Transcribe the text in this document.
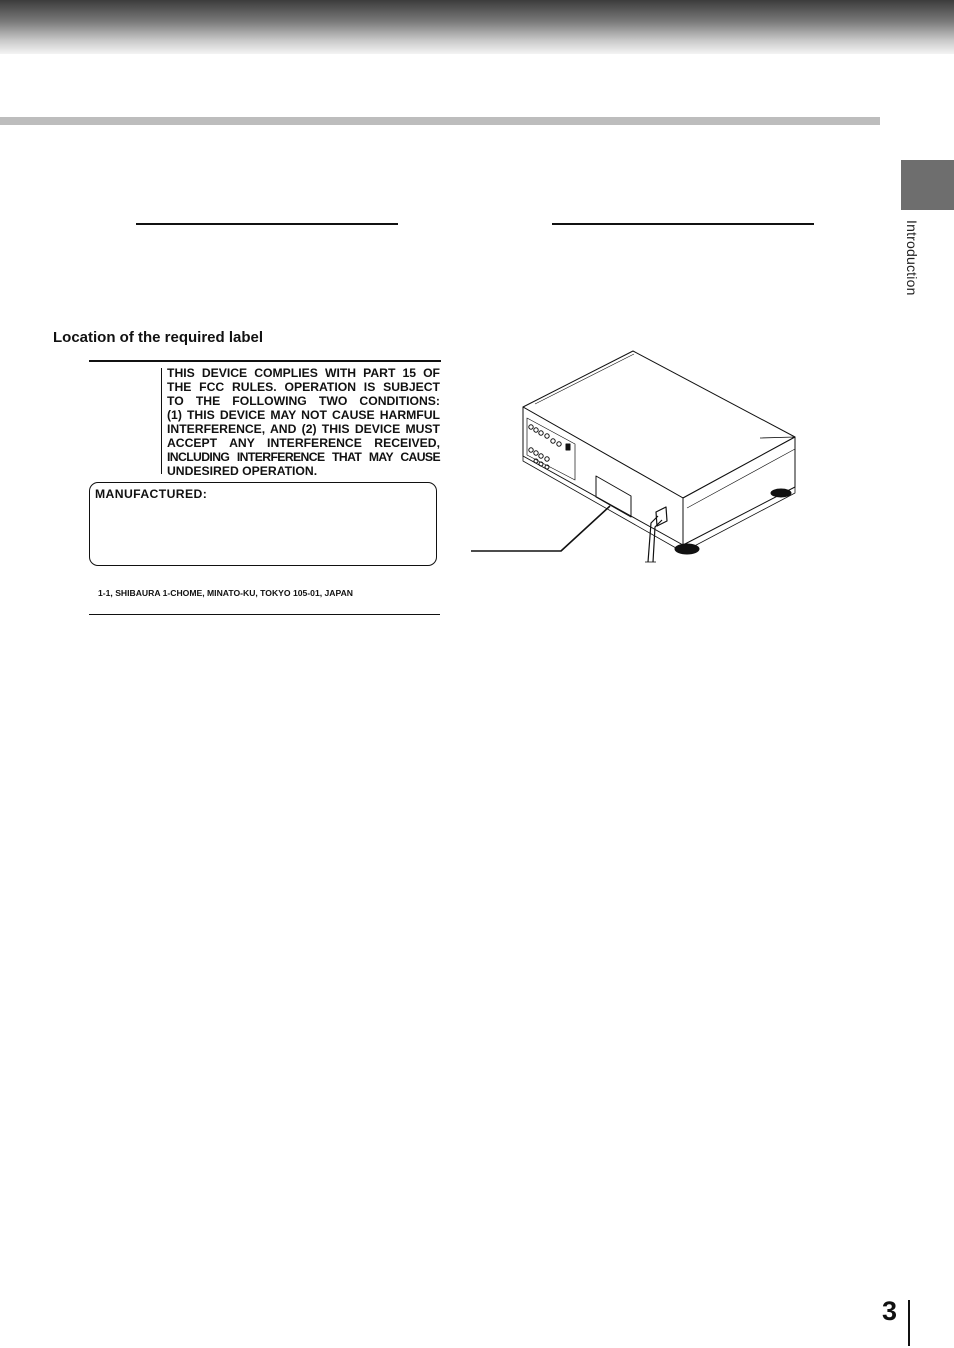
Introduction
Location of the required label
THIS DEVICE COMPLIES WITH PART 15 OF
THE FCC RULES. OPERATION IS SUBJECT
TO THE FOLLOWING TWO CONDITIONS:
(1) THIS DEVICE MAY NOT CAUSE HARMFUL
INTERFERENCE, AND (2) THIS DEVICE MUST
ACCEPT ANY INTERFERENCE RECEIVED,
INCLUDING INTERFERENCE THAT MAY CAUSE
UNDESIRED OPERATION.
MANUFACTURED:
1-1, SHIBAURA 1-CHOME, MINATO-KU, TOKYO 105-01, JAPAN
3
